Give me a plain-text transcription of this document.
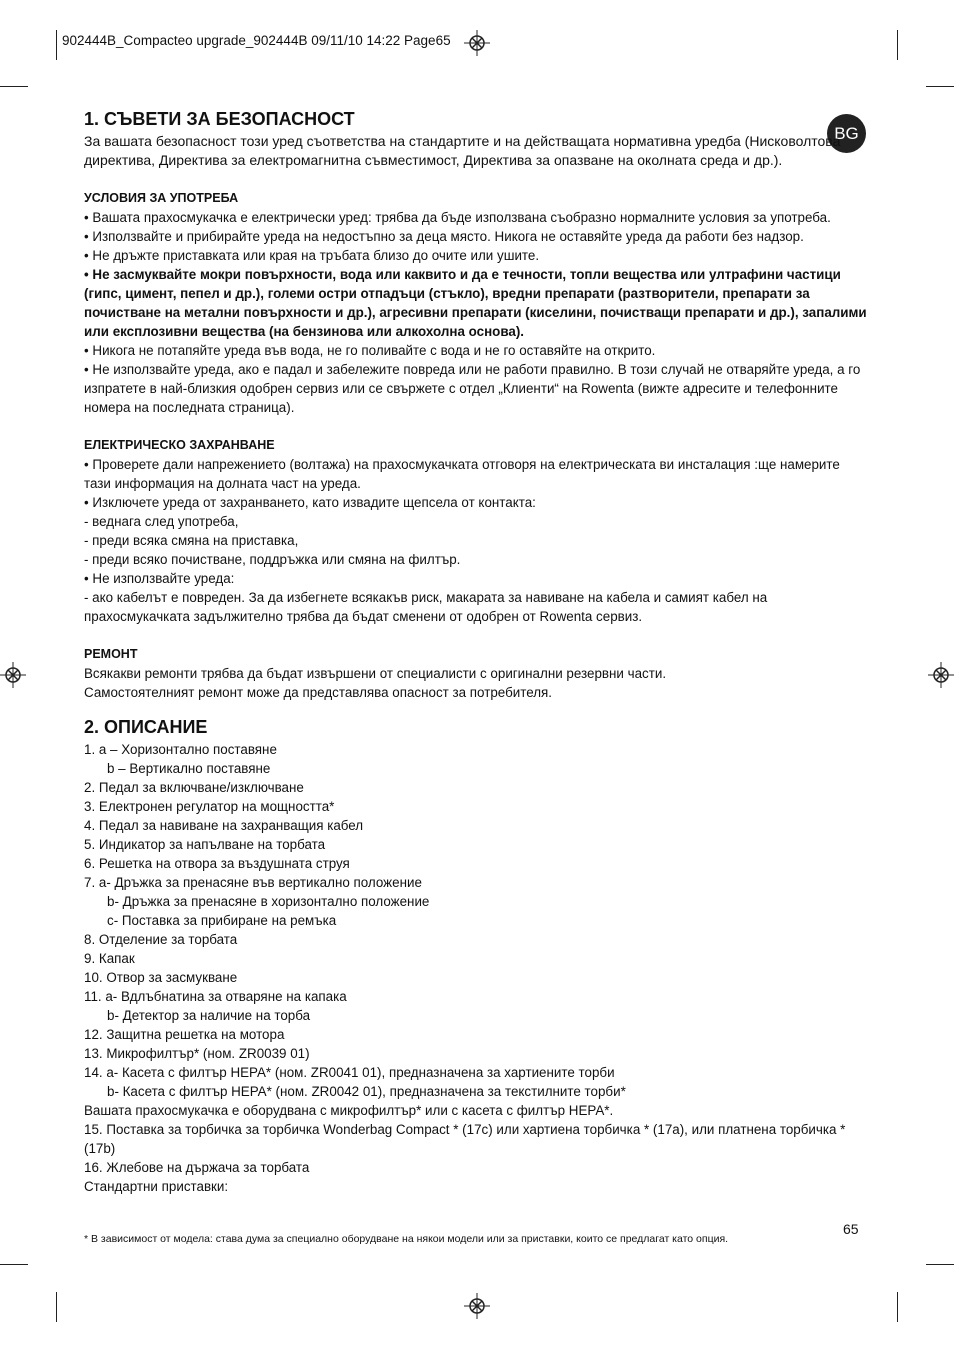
902444B_Compacteo upgrade_902444B 09/11/10 14:22 Page65
BG
1. СЪВЕТИ ЗА БЕЗОПАСНОСТ

За вашата безопасност този уред съответства на стандартите и на действащата нормативна уредба (Нисковолтова директива, Директива за електромагнитна съвместимост, Директива за опазване на околната среда и др.).

УСЛОВИЯ ЗА УПОТРЕБА

• Вашата прахосмукачка е електрически уред: трябва да бъде използвана съобразно нормалните условия за употреба.

• Използвайте и прибирайте уреда на недостъпно за деца място. Никога не оставяйте уреда да работи без надзор.

• Не дръжте приставката или края на тръбата близо до очите или ушите.

• Не засмуквайте мокри повърхности, вода или каквито и да е течности, топли вещества или ултрафини частици (гипс, цимент, пепел и др.), големи остри отпадъци (стъкло), вредни препарати (разтворители, препарати за почистване на метални повърхности и др.), агресивни препарати (киселини, почистващи препарати и др.), запалими или експлозивни вещества (на бензинова или алкохолна основа).

• Никога не потапяйте уреда във вода, не го поливайте с вода и не го оставяйте на открито.

• Не използвайте уреда, ако е падал и забележите повреда или не работи правилно. В този случай не отваряйте уреда, а го изпратете в най-близкия одобрен сервиз или се свържете с отдел „Клиенти“ на Rowenta (вижте адресите и телефонните номера на последната страница).

ЕЛЕКТРИЧЕСКО ЗАХРАНВАНЕ

• Проверете дали напрежението (волтажа) на прахосмукачката отговоря на електрическата ви инсталация :ще намерите тази информация на долната част на уреда.

• Изключете уреда от захранването, като извадите щепсела от контакта:

- веднага след употреба,

- преди всяка смяна на приставка,

- преди всяко почистване, поддръжка или смяна на филтър.

• Не използвайте уреда:

- ако кабелът е повреден. За да избегнете всякакъв риск, макарата за навиване на кабела и самият кабел на прахосмукачката задължително трябва да бъдат сменени от одобрен от Rowenta сервиз.

РЕМОНТ

Всякакви ремонти трябва да бъдат извършени от специалисти с оригинални резервни части.

Самостоятелният ремонт може да представлява опасност за потребителя.

2. ОПИСАНИЕ

1. a – Хоризонтално поставяне

b – Вертикално поставяне

2. Педал за включване/изключване

3. Електронен регулатор на мощността*

4. Педал за навиване на захранващия кабел

5. Индикатор за напълване на торбата

6. Решетка на отвора за въздушната струя

7. a- Дръжка за пренасяне във вертикално положение

b- Дръжка за пренасяне в хоризонтално положение

c- Поставка за прибиране на ремъка

8. Отделение за торбата

9. Капак

10. Отвор за засмукване

11. a- Вдлъбнатина за отваряне на капака

b- Детектор за наличие на торба

12. Защитна решетка на мотора

13. Микрофилтър* (ном. ZR0039 01)

14. a- Касета с филтър HEPA* (ном. ZR0041 01), предназначена за хартиените торби

b- Касета с филтър HEPA* (ном. ZR0042 01), предназначена за текстилните торби*

Вашата прахосмукачка е оборудвана с микрофилтър* или с касета с филтър HEPA*.

15. Поставка за торбичка за торбичка Wonderbag Compact * (17c) или хартиена торбичка * (17a), или платнена торбичка * (17b)

16. Жлебове на държача за торбата

Стандартни приставки:

65
* В зависимост от модела: става дума за специално оборудване на някои модели или за приставки, които се предлагат като опция.
